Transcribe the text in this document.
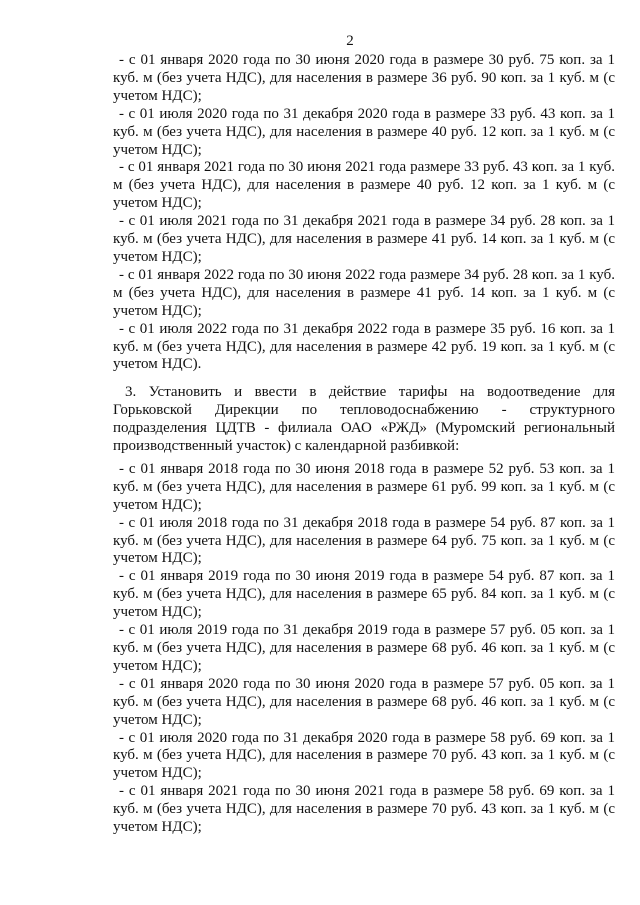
2

- с 01 января 2020 года по 30 июня 2020 года в размере 30 руб. 75 коп. за 1 куб. м (без учета НДС), для населения в размере 36 руб. 90 коп. за 1 куб. м (с учетом НДС);

- с 01 июля 2020 года по 31 декабря 2020 года в размере 33 руб. 43 коп. за 1 куб. м (без учета НДС), для населения в размере 40 руб. 12 коп. за 1 куб. м (с учетом НДС);

- с 01 января 2021 года по 30 июня 2021 года размере 33 руб. 43 коп. за 1 куб. м (без учета НДС), для населения в размере 40 руб. 12 коп. за 1 куб. м (с учетом НДС);

- с 01 июля 2021 года по 31 декабря 2021 года в размере 34 руб. 28 коп. за 1 куб. м (без учета НДС), для населения в размере 41 руб. 14 коп. за 1 куб. м (с учетом НДС);

- с 01 января 2022 года по 30 июня 2022 года размере 34 руб. 28 коп. за 1 куб. м (без учета НДС), для населения в размере 41 руб. 14 коп. за 1 куб. м (с учетом НДС);

- с 01 июля 2022 года по 31 декабря 2022 года в размере 35 руб. 16 коп. за 1 куб. м (без учета НДС), для населения в размере 42 руб. 19 коп. за 1 куб. м (с учетом НДС).

3. Установить и ввести в действие тарифы на водоотведение для Горьковской Дирекции по тепловодоснабжению - структурного подразделения ЦДТВ - филиала ОАО «РЖД» (Муромский региональный производственный участок) с календарной разбивкой:

- с 01 января 2018 года по 30 июня 2018 года в размере 52 руб. 53 коп. за 1 куб. м (без учета НДС), для населения в размере 61 руб. 99 коп. за 1 куб. м (с учетом НДС);

- с 01 июля 2018 года по 31 декабря 2018 года в размере 54 руб. 87 коп. за 1 куб. м (без учета НДС), для населения в размере 64 руб. 75 коп. за 1 куб. м (с учетом НДС);

- с 01 января 2019 года по 30 июня 2019 года в размере 54 руб. 87 коп. за 1 куб. м (без учета НДС), для населения в размере 65 руб. 84 коп. за 1 куб. м (с учетом НДС);

- с 01 июля 2019 года по 31 декабря 2019 года в размере 57 руб. 05 коп. за 1 куб. м (без учета НДС), для населения в размере 68 руб. 46 коп. за 1 куб. м (с учетом НДС);

- с 01 января 2020 года по 30 июня 2020 года в размере 57 руб. 05 коп. за 1 куб. м (без учета НДС), для населения в размере 68 руб. 46 коп. за 1 куб. м (с учетом НДС);

- с 01 июля 2020 года по 31 декабря 2020 года в размере 58 руб. 69 коп. за 1 куб. м (без учета НДС), для населения в размере 70 руб. 43 коп. за 1 куб. м (с учетом НДС);

- с 01 января 2021 года по 30 июня 2021 года в размере 58 руб. 69 коп. за 1 куб. м (без учета НДС), для населения в размере 70 руб. 43 коп. за 1 куб. м (с учетом НДС);
